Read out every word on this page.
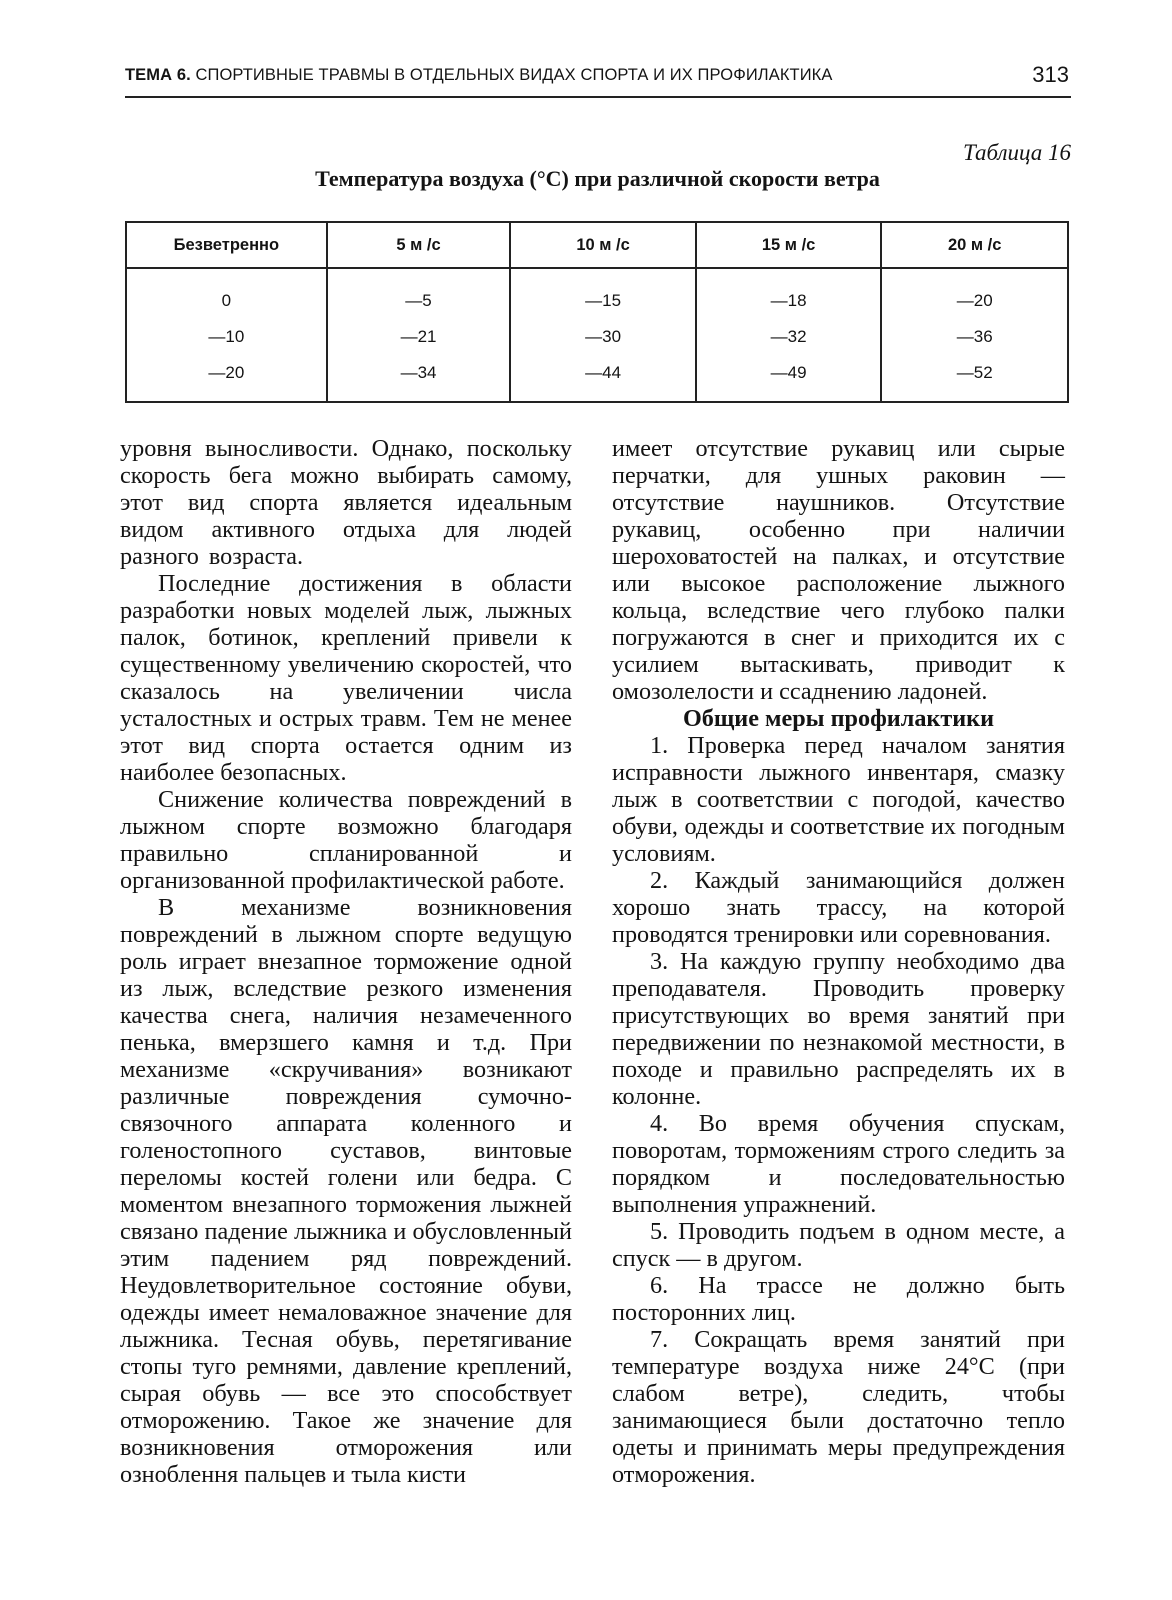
ТЕМА 6. СПОРТИВНЫЕ ТРАВМЫ В ОТДЕЛЬНЫХ ВИДАХ СПОРТА И ИХ ПРОФИЛАКТИКА	313
Таблица 16
Температура воздуха (°С) при различной скорости ветра
Безветренно	5 м /с	10 м /с	15 м /с	20 м /с
0	—5	—15	—18	—20
—10	—21	—30	—32	—36
—20	—34	—44	—49	—52

уровня выносливости. Однако, поскольку скорость бега можно выбирать самому, этот вид спорта является идеальным видом активного отдыха для людей разного возраста.

Последние достижения в области разработки новых моделей лыж, лыжных палок, ботинок, креплений привели к существенному увеличению скоростей, что сказалось на увеличении числа усталостных и острых травм. Тем не менее этот вид спорта остается одним из наиболее безопасных.

Снижение количества повреждений в лыжном спорте возможно благодаря правильно спланированной и организованной профилактической работе.

В механизме возникновения повреждений в лыжном спорте ведущую роль играет внезапное торможение одной из лыж, вследствие резкого изменения качества снега, наличия незамеченного пенька, вмерзшего камня и т.д. При механизме «скручивания» возникают различные повреждения сумочно-связочного аппарата коленного и голеностопного суставов, винтовые переломы костей голени или бедра. С моментом внезапного торможения лыжней связано падение лыжника и обусловленный этим падением ряд повреждений. Неудовлетворительное состояние обуви, одежды имеет немаловажное значение для лыжника. Тесная обувь, перетягивание стопы туго ремнями, давление креплений, сырая обувь — все это способствует отморожению. Такое же значение для возникновения отморожения или озноблення пальцев и тыла кисти

имеет отсутствие рукавиц или сырые перчатки, для ушных раковин — отсутствие наушников. Отсутствие рукавиц, особенно при наличии шероховатостей на палках, и отсутствие или высокое расположение лыжного кольца, вследствие чего глубоко палки погружаются в снег и приходится их с усилием вытаскивать, приводит к омозолелости и ссаднению ладоней.

Общие меры профилактики

1. Проверка перед началом занятия исправности лыжного инвентаря, смазку лыж в соответствии с погодой, качество обуви, одежды и соответствие их погодным условиям.

2. Каждый занимающийся должен хорошо знать трассу, на которой проводятся тренировки или соревнования.

3. На каждую группу необходимо два преподавателя. Проводить проверку присутствующих во время занятий при передвижении по незнакомой местности, в походе и правильно распределять их в колонне.

4. Во время обучения спускам, поворотам, торможениям строго следить за порядком и последовательностью выполнения упражнений.

5. Проводить подъем в одном месте, а спуск — в другом.

6. На трассе не должно быть посторонних лиц.

7. Сокращать время занятий при температуре воздуха ниже 24°С (при слабом ветре), следить, чтобы занимающиеся были достаточно тепло одеты и принимать меры предупреждения отморожения.
